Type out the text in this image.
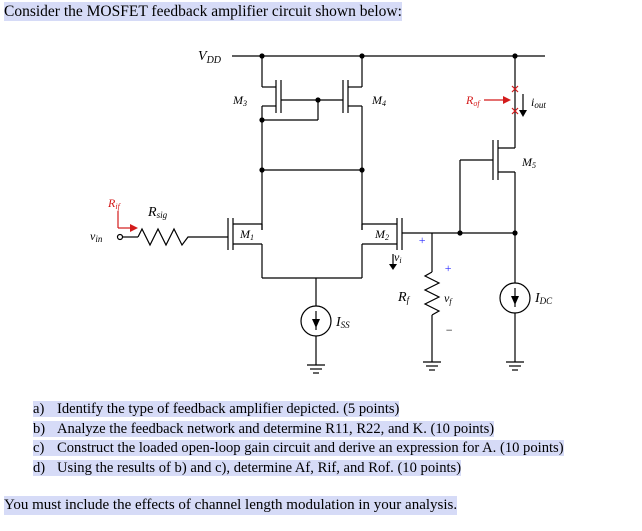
Consider the MOSFET feedback amplifier circuit shown below:
$V_{DD}$
M3	M4
M5
M1	M2
Rif Rsig
vin
Rof	iout
vi
+
+
vf
−
Rf
ISS
IDC
a) Identify the type of feedback amplifier depicted. (5 points)
b) Analyze the feedback network and determine R11, R22, and K. (10 points)
c) Construct the loaded open-loop gain circuit and derive an expression for A. (10 points)
d) Using the results of b) and c), determine Af, Rif, and Rof. (10 points)
You must include the effects of channel length modulation in your analysis.
